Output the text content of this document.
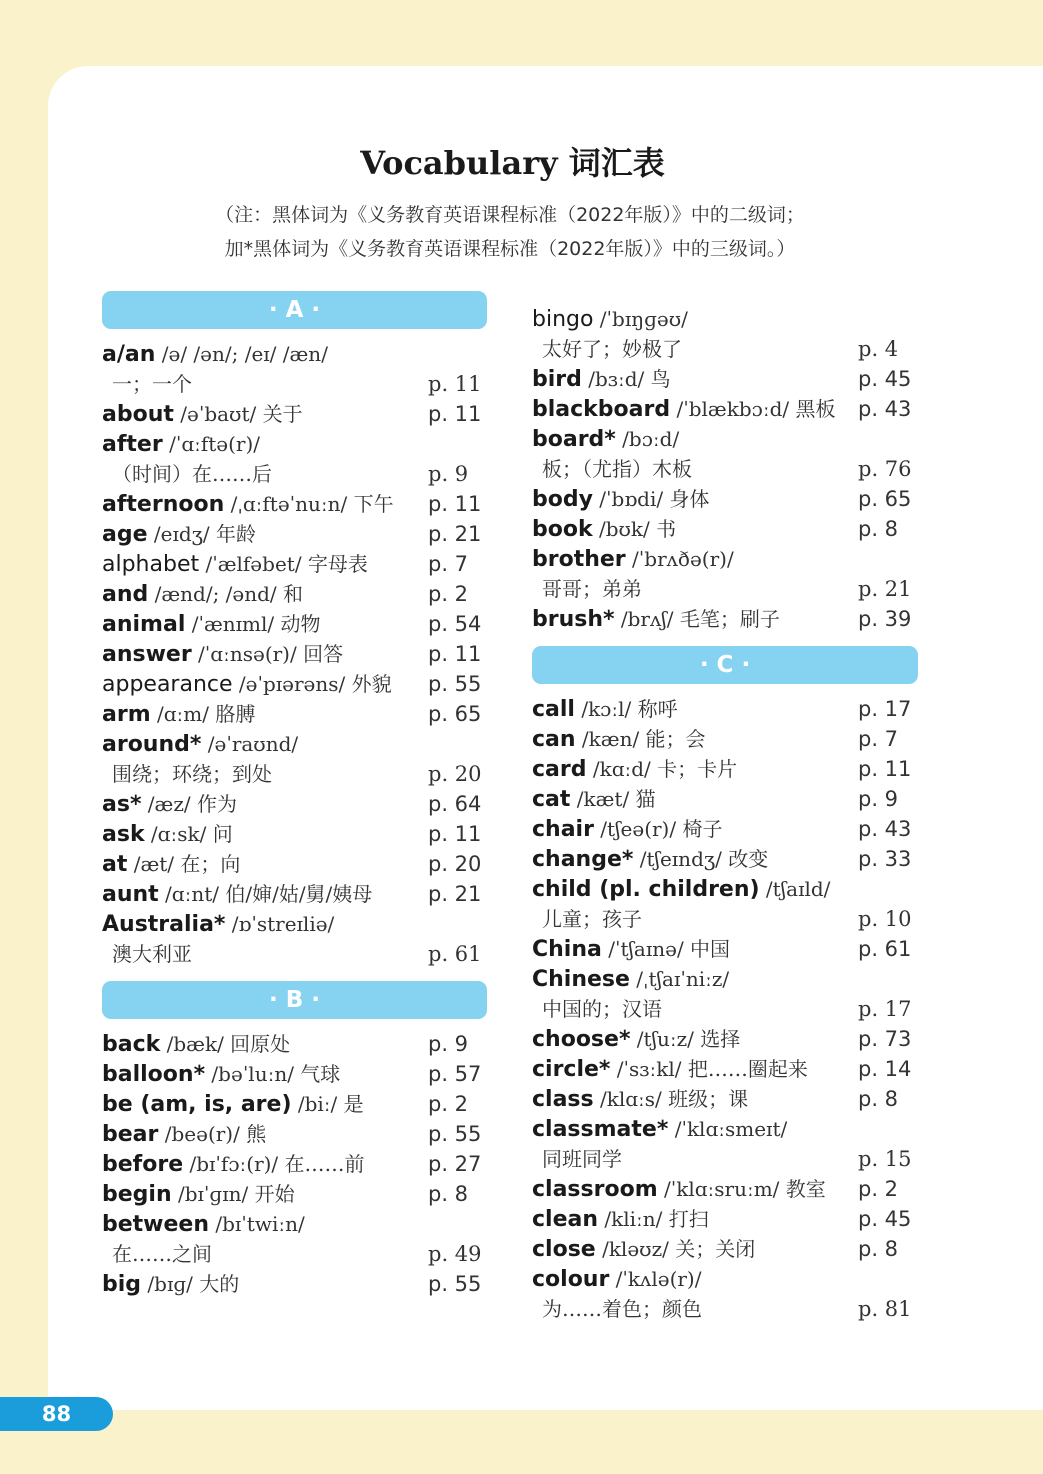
Vocabulary 词汇表

（注：黑体词为《义务教育英语课程标准（2022年版）》中的二级词；

加*黑体词为《义务教育英语课程标准（2022年版）》中的三级词。）

· A ·
a/an /ə/ /ən/; /eɪ/ /æn/
一；一个	p. 11
about /əˈbaʊt/ 关于	p. 11
after /ˈɑːftə(r)/
（时间）在……后	p. 9
afternoon /ˌɑːftəˈnuːn/ 下午 p. 11
age /eɪdʒ/ 年龄	p. 21
alphabet /ˈælfəbet/ 字母表	p. 7
and /ænd/; /ənd/ 和	p. 2
animal /ˈænɪml/ 动物	p. 54
answer /ˈɑːnsə(r)/ 回答	p. 11
appearance /əˈpɪərəns/ 外貌 p. 55
arm /ɑːm/ 胳膊	p. 65
around* /əˈraʊnd/
围绕；环绕；到处	p. 20
as* /æz/ 作为	p. 64
ask /ɑːsk/ 问	p. 11
at /æt/ 在；向	p. 20
aunt /ɑːnt/ 伯/婶/姑/舅/姨母	p. 21
Australia* /ɒˈstreɪliə/
澳大利亚	p. 61
· B ·
back /bæk/ 回原处	p. 9
balloon* /bəˈluːn/ 气球	p. 57
be (am, is, are) /biː/ 是	p. 2
bear /beə(r)/ 熊	p. 55
before /bɪˈfɔː(r)/ 在……前	p. 27
begin /bɪˈɡɪn/ 开始	p. 8
between /bɪˈtwiːn/
在……之间	p. 49
big /bɪɡ/ 大的	p. 55
bingo /ˈbɪŋɡəʊ/
太好了；妙极了	p. 4
bird /bɜːd/ 鸟	p. 45
blackboard /ˈblækbɔːd/ 黑板 p. 43
board* /bɔːd/
板；（尤指）木板	p. 76
body /ˈbɒdi/ 身体	p. 65
book /bʊk/ 书	p. 8
brother /ˈbrʌðə(r)/
哥哥；弟弟	p. 21
brush* /brʌʃ/ 毛笔；刷子	p. 39
· C ·
call /kɔːl/ 称呼	p. 17
can /kæn/ 能；会	p. 7
card /kɑːd/ 卡；卡片	p. 11
cat /kæt/ 猫	p. 9
chair /tʃeə(r)/ 椅子	p. 43
change* /tʃeɪndʒ/ 改变	p. 33
child (pl. children) /tʃaɪld/
儿童；孩子	p. 10
China /ˈtʃaɪnə/ 中国	p. 61
Chinese /ˌtʃaɪˈniːz/
中国的；汉语	p. 17
choose* /tʃuːz/ 选择	p. 73
circle* /ˈsɜːkl/ 把……圈起来 p. 14
class /klɑːs/ 班级；课	p. 8
classmate* /ˈklɑːsmeɪt/
同班同学	p. 15
classroom /ˈklɑːsruːm/ 教室 p. 2
clean /kliːn/ 打扫	p. 45
close /kləʊz/ 关；关闭	p. 8
colour /ˈkʌlə(r)/
为……着色；颜色	p. 81
88
